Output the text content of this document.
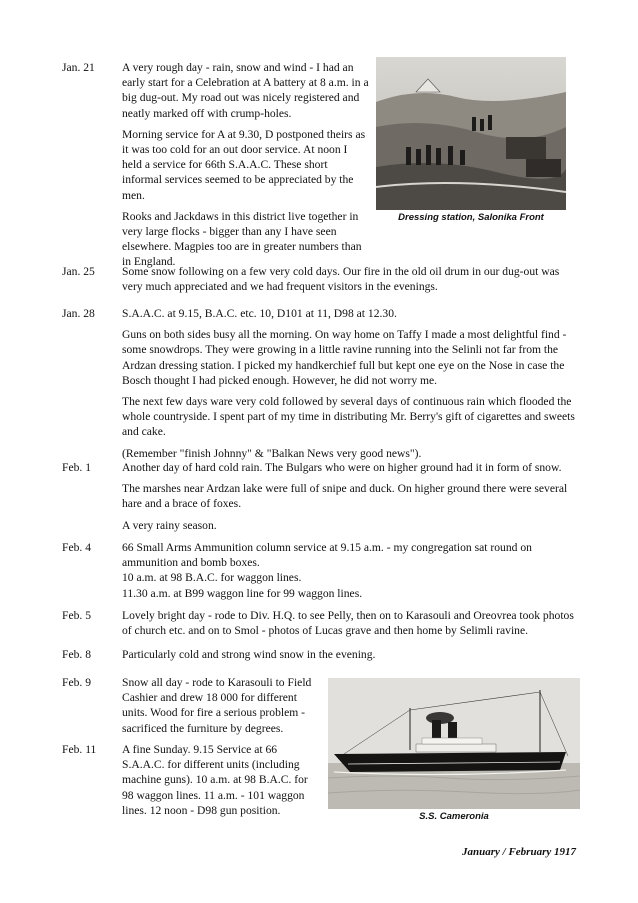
Jan. 21	A very rough day - rain, snow and wind - I had an early start for a Celebration at A battery at 8 a.m. in a big dug-out. My road out was nicely registered and neatly marked off with crump-holes.

Morning service for A at 9.30, D postponed theirs as it was too cold for an out door service. At noon I held a service for 66th S.A.A.C. These short informal services seemed to be appreciated by the men.

Rooks and Jackdaws in this district live together in very large flocks - bigger than any I have seen elsewhere. Magpies too are in greater numbers than in England.

Dressing station, Salonika Front
Jan. 25	Some snow following on a few very cold days. Our fire in the old oil drum in our dug-out was very much appreciated and we had frequent visitors in the evenings.

Jan. 28	S.A.A.C. at 9.15, B.A.C. etc. 10, D101 at 11, D98 at 12.30.

Guns on both sides busy all the morning. On way home on Taffy I made a most delightful find - some snowdrops. They were growing in a little ravine running into the Selinli not far from the Ardzan dressing station. I picked my handkerchief full but kept one eye on the Nose in case the Bosch thought I had picked enough. However, he did not worry me.

The next few days ware very cold followed by several days of continuous rain which flooded the whole countryside. I spent part of my time in distributing Mr. Berry's gift of cigarettes and sweets and cake.

(Remember "finish Johnny" & "Balkan News very good news").

Feb. 1	Another day of hard cold rain. The Bulgars who were on higher ground had it in form of snow.

The marshes near Ardzan lake were full of snipe and duck. On higher ground there were several hare and a brace of foxes.

A very rainy season.

Feb. 4	66 Small Arms Ammunition column service at 9.15 a.m. - my congregation sat round on ammunition and bomb boxes.
10 a.m. at 98 B.A.C. for waggon lines.
11.30 a.m. at B99 waggon line for 99 waggon lines.
Feb. 5	Lovely bright day - rode to Div. H.Q. to see Pelly, then on to Karasouli and Oreovrea took photos of church etc. and on to Smol - photos of Lucas grave and then home by Selimli ravine.

Feb. 8	Particularly cold and strong wind snow in the evening.

Feb. 9	Snow all day - rode to Karasouli to Field Cashier and drew 18 000 for different units. Wood for fire a serious problem - sacrificed the furniture by degrees.

Feb. 11	A fine Sunday. 9.15 Service at 66 S.A.A.C. for different units (including machine guns). 10 a.m. at 98 B.A.C. for 98 waggon lines. 11 a.m. - 101 waggon lines. 12 noon - D98 gun position.	S.S. Cameronia
January / February 1917
